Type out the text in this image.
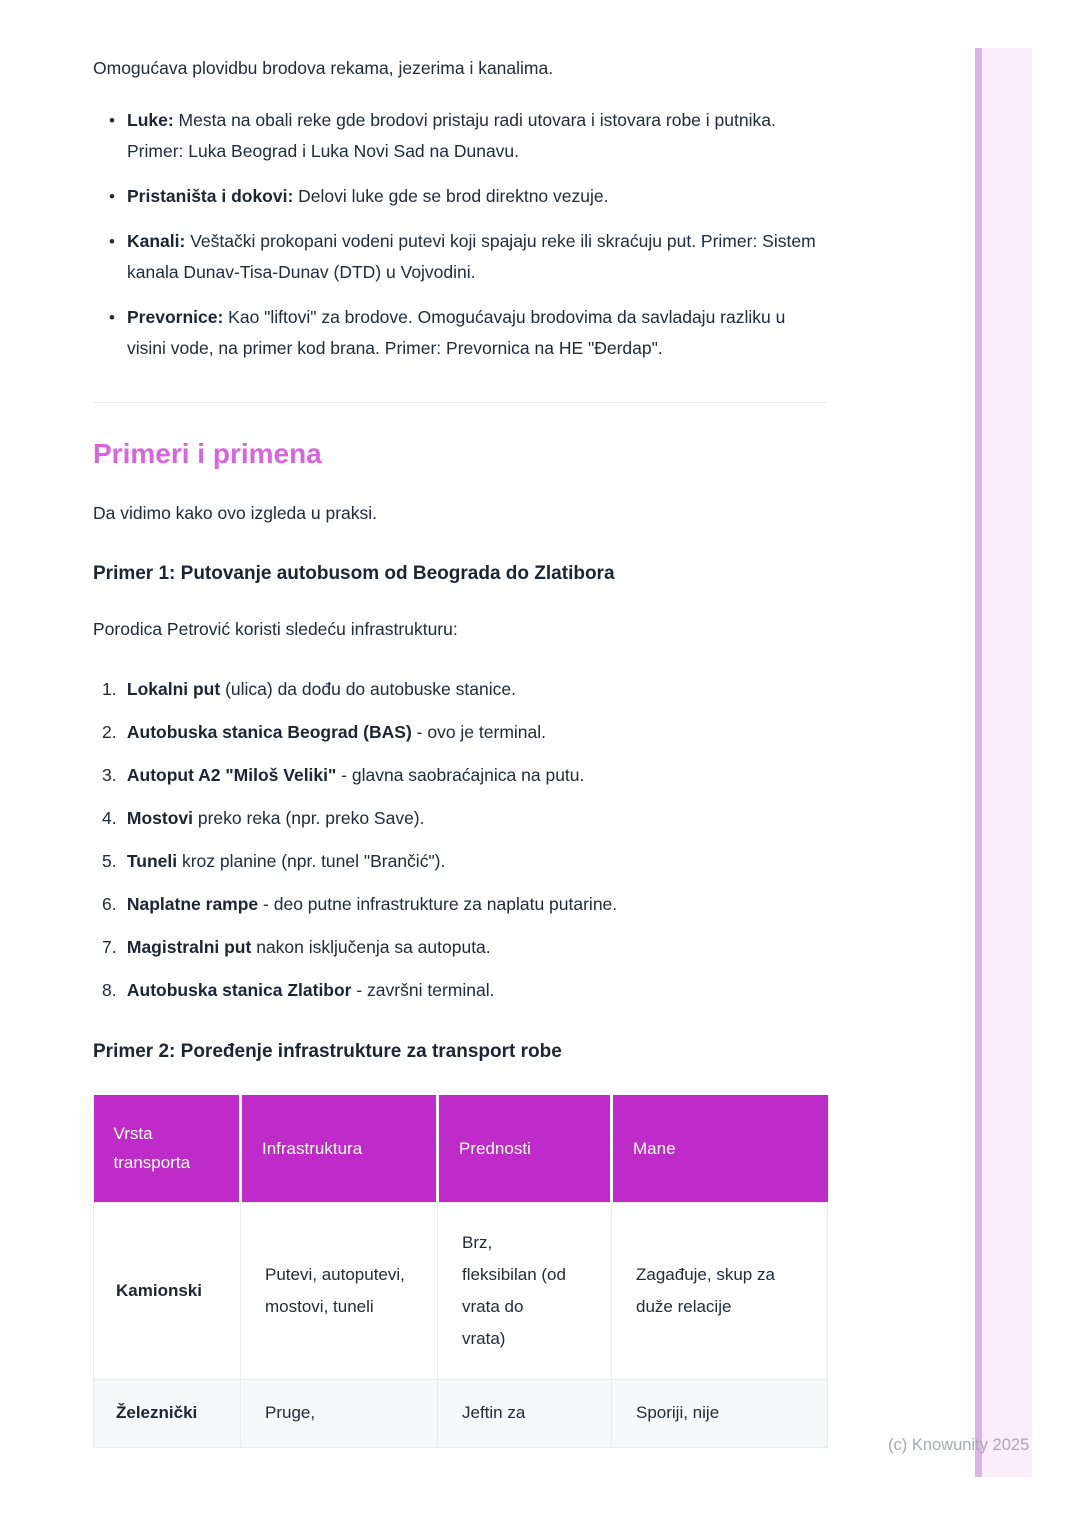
Omogućava plovidbu brodova rekama, jezerima i kanalima.

• Luke: Mesta na obali reke gde brodovi pristaju radi utovara i istovara robe i putnika. Primer: Luka Beograd i Luka Novi Sad na Dunavu.
• Pristaništa i dokovi: Delovi luke gde se brod direktno vezuje.
• Kanali: Veštački prokopani vodeni putevi koji spajaju reke ili skraćuju put. Primer: Sistem kanala Dunav-Tisa-Dunav (DTD) u Vojvodini.
• Prevornice: Kao "liftovi" za brodove. Omogućavaju brodovima da savladaju razliku u visini vode, na primer kod brana. Primer: Prevornica na HE "Đerdap".
Primeri i primena

Da vidimo kako ovo izgleda u praksi.

Primer 1: Putovanje autobusom od Beograda do Zlatibora

Porodica Petrović koristi sledeću infrastrukturu:

1. Lokalni put (ulica) da dođu do autobuske stanice.
2. Autobuska stanica Beograd (BAS) - ovo je terminal.
3. Autoput A2 "Miloš Veliki" - glavna saobraćajnica na putu.
4. Mostovi preko reka (npr. preko Save).
5. Tuneli kroz planine (npr. tunel "Brančić").
6. Naplatne rampe - deo putne infrastrukture za naplatu putarine.
7. Magistralni put nakon isključenja sa autoputa.
8. Autobuska stanica Zlatibor - završni terminal.
Primer 2: Poređenje infrastrukture za transport robe
Vrsta transporta	Infrastruktura	Prednosti	Mane
Kamionski	Putevi, autoputevi, mostovi, tuneli	Brz, fleksibilan (od vrata do vrata)	Zagađuje, skup za duže relacije
Železnički	Pruge,	Jeftin za	Sporiji, nije
(c) Knowunity 2025
